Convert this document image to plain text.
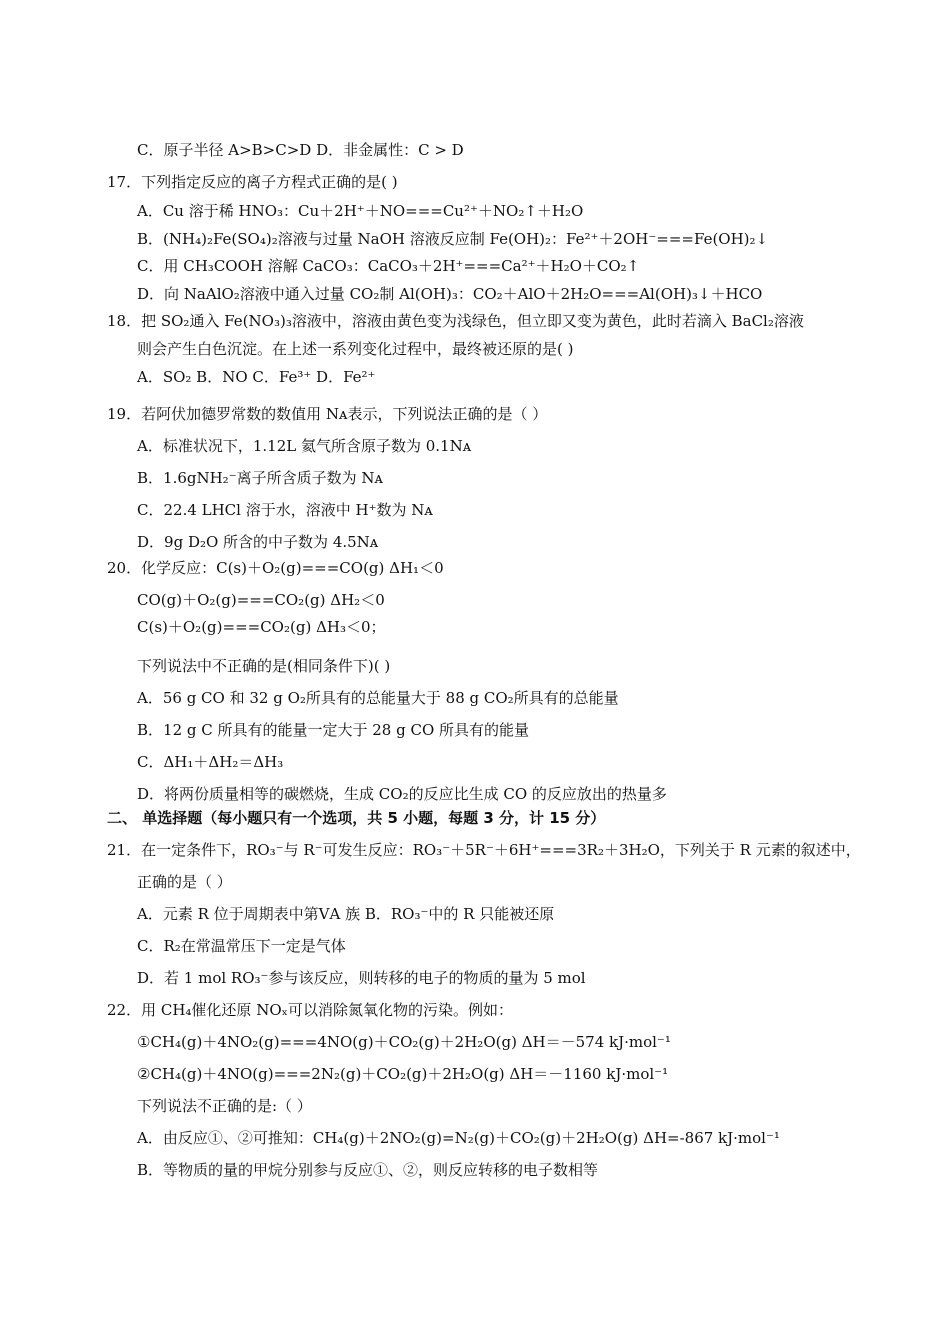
C．原子半径 A>B>C>D D．非金属性：C > D
17．下列指定反应的离子方程式正确的是( )
A．Cu 溶于稀 HNO₃：Cu＋2H⁺＋NO===Cu²⁺＋NO₂↑＋H₂O
B．(NH₄)₂Fe(SO₄)₂溶液与过量 NaOH 溶液反应制 Fe(OH)₂：Fe²⁺＋2OH⁻===Fe(OH)₂↓
C．用 CH₃COOH 溶解 CaCO₃：CaCO₃＋2H⁺===Ca²⁺＋H₂O＋CO₂↑
D．向 NaAlO₂溶液中通入过量 CO₂制 Al(OH)₃：CO₂＋AlO＋2H₂O===Al(OH)₃↓＋HCO
18．把 SO₂通入 Fe(NO₃)₃溶液中，溶液由黄色变为浅绿色，但立即又变为黄色，此时若滴入 BaCl₂溶液
则会产生白色沉淀。在上述一系列变化过程中，最终被还原的是( )
A．SO₂ B．NO C．Fe³⁺ D．Fe²⁺
19．若阿伏加德罗常数的数值用 Nᴀ表示，下列说法正确的是（ ）
A．标准状况下，1.12L 氦气所含原子数为 0.1Nᴀ
B．1.6gNH₂⁻离子所含质子数为 Nᴀ
C．22.4 LHCl 溶于水，溶液中 H⁺数为 Nᴀ
D．9g D₂O 所含的中子数为 4.5Nᴀ
20．化学反应：C(s)＋O₂(g)===CO(g) ΔH₁＜0
CO(g)＋O₂(g)===CO₂(g) ΔH₂＜0
C(s)＋O₂(g)===CO₂(g) ΔH₃＜0；
下列说法中不正确的是(相同条件下)( )
A．56 g CO 和 32 g O₂所具有的总能量大于 88 g CO₂所具有的总能量
B．12 g C 所具有的能量一定大于 28 g CO 所具有的能量
C．ΔH₁＋ΔH₂＝ΔH₃
D．将两份质量相等的碳燃烧，生成 CO₂的反应比生成 CO 的反应放出的热量多
二、 单选择题（每小题只有一个选项，共 5 小题，每题 3 分，计 15 分）
21．在一定条件下，RO₃⁻与 R⁻可发生反应：RO₃⁻＋5R⁻＋6H⁺===3R₂＋3H₂O，下列关于 R 元素的叙述中，
正确的是（ ）
A．元素 R 位于周期表中第ⅤA 族 B．RO₃⁻中的 R 只能被还原
C．R₂在常温常压下一定是气体
D．若 1 mol RO₃⁻参与该反应，则转移的电子的物质的量为 5 mol
22．用 CH₄催化还原 NOₓ可以消除氮氧化物的污染。例如：
①CH₄(g)＋4NO₂(g)===4NO(g)＋CO₂(g)＋2H₂O(g) ΔH＝－574 kJ·mol⁻¹
②CH₄(g)＋4NO(g)===2N₂(g)＋CO₂(g)＋2H₂O(g) ΔH＝－1160 kJ·mol⁻¹
下列说法不正确的是:（ ）
A．由反应①、②可推知：CH₄(g)＋2NO₂(g)=N₂(g)＋CO₂(g)＋2H₂O(g) ΔH=-867 kJ·mol⁻¹
B．等物质的量的甲烷分别参与反应①、②，则反应转移的电子数相等
